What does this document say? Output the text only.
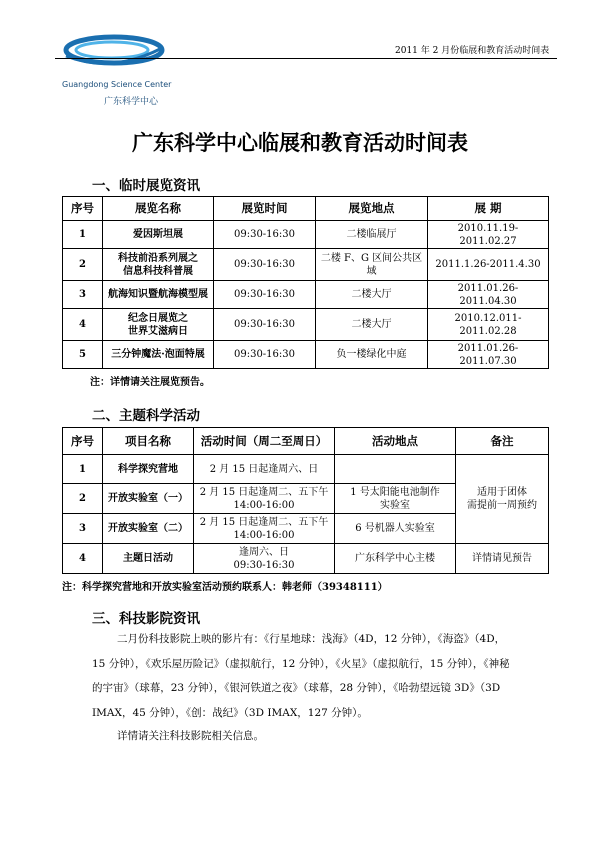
Guangdong Science Center
广东科学中心
2011 年 2 月份临展和教育活动时间表
广东科学中心临展和教育活动时间表
一、临时展览资讯
序号	展览名称	展览时间	展览地点	展 期
1	爱因斯坦展	09:30-16:30	二楼临展厅	2010.11.19-2011.02.27
2	科技前沿系列展之
信息科技科普展	09:30-16:30	二楼 F、G 区间公共区域	2011.1.26-2011.4.30
3	航海知识暨航海模型展	09:30-16:30	二楼大厅	2011.01.26-2011.04.30
4	纪念日展览之
世界艾滋病日	09:30-16:30	二楼大厅	2010.12.011-2011.02.28
5	三分钟魔法·泡面特展	09:30-16:30	负一楼绿化中庭	2011.01.26-2011.07.30
注：详情请关注展览预告。
二、主题科学活动
序号	项目名称	活动时间（周二至周日）	活动地点	备注
1	科学探究营地	2 月 15 日起逢周六、日		适用于团体
需提前一周预约
2	开放实验室（一）	2 月 15 日起逢周二、五下午
14:00-16:00	1 号太阳能电池制作
实验室	
3	开放实验室（二）	2 月 15 日起逢周二、五下午
14:00-16:00	6 号机器人实验室	
4	主题日活动	逢周六、日
09:30-16:30	广东科学中心主楼	详情请见预告
注：科学探究营地和开放实验室活动预约联系人：韩老师（39348111）
三、科技影院资讯
二月份科技影院上映的影片有：《行星地球：浅海》（4D，12 分钟），《海盗》（4D，15 分钟），《欢乐屋历险记》（虚拟航行，12 分钟），《火星》（虚拟航行，15 分钟），《神秘的宇宙》（球幕，23 分钟），《银河铁道之夜》（球幕，28 分钟），《哈勃望远镜 3D》（3D IMAX，45 分钟），《创：战纪》（3D IMAX，127 分钟）。
详情请关注科技影院相关信息。
